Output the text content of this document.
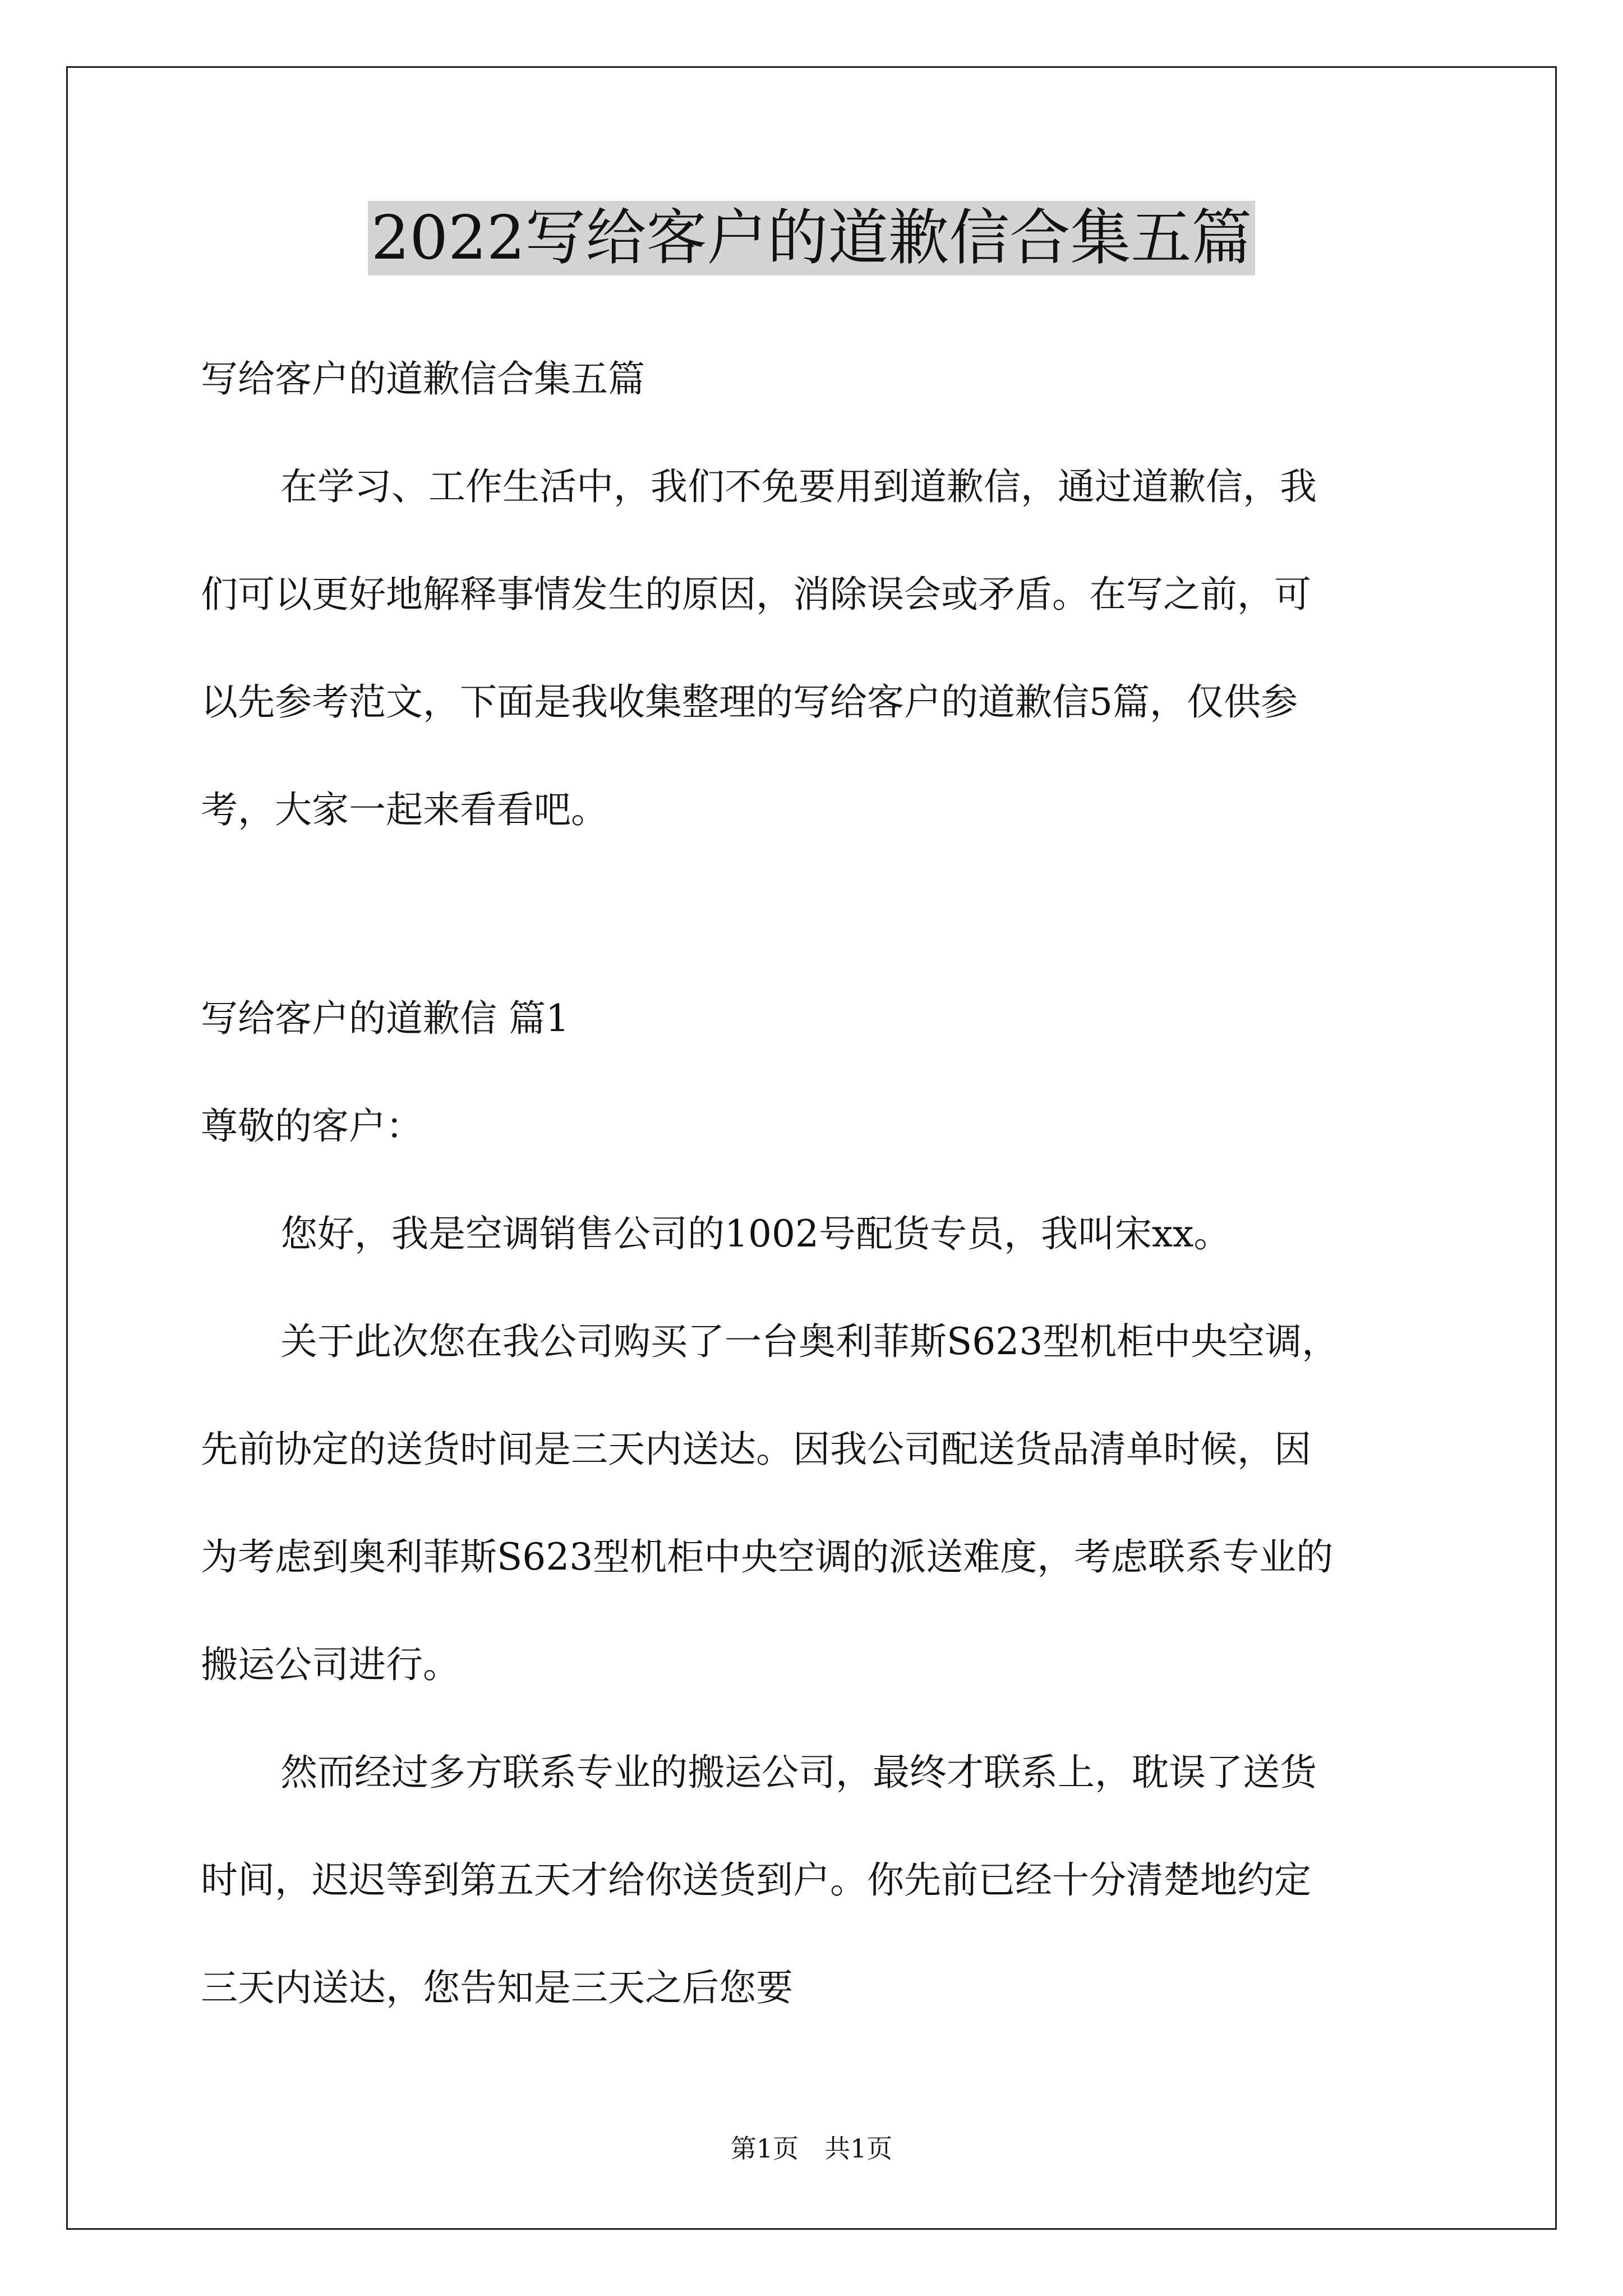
2022写给客户的道歉信合集五篇

写给客户的道歉信合集五篇

在学习、工作生活中，我们不免要用到道歉信，通过道歉信，我

们可以更好地解释事情发生的原因，消除误会或矛盾。在写之前，可

以先参考范文，下面是我收集整理的写给客户的道歉信5篇，仅供参

考，大家一起来看看吧。

写给客户的道歉信 篇1

尊敬的客户：

您好，我是空调销售公司的1002号配货专员，我叫宋xx。

关于此次您在我公司购买了一台奥利菲斯S623型机柜中央空调，

先前协定的送货时间是三天内送达。因我公司配送货品清单时候，因

为考虑到奥利菲斯S623型机柜中央空调的派送难度，考虑联系专业的

搬运公司进行。

然而经过多方联系专业的搬运公司，最终才联系上，耽误了送货

时间，迟迟等到第五天才给你送货到户。你先前已经十分清楚地约定

三天内送达，您告知是三天之后您要

第1页　共1页
